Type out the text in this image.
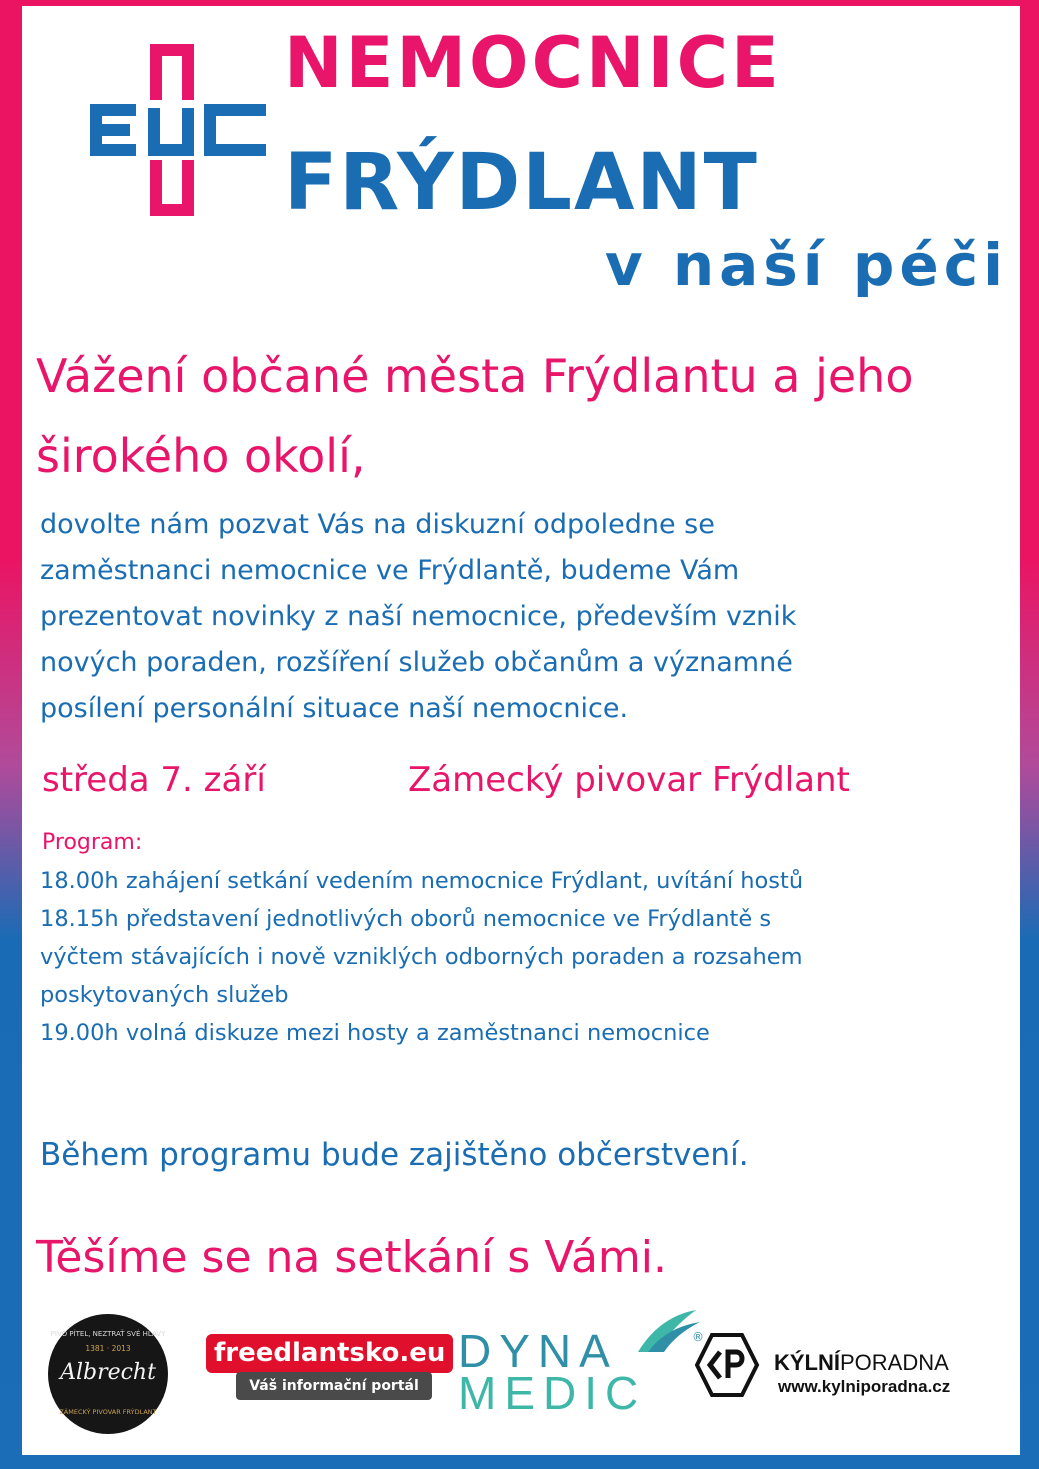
NEMOCNICE
FRÝDLANT
v naší péči
Vážení občané města Frýdlantu a jeho širokého okolí,
dovolte nám pozvat Vás na diskuzní odpoledne se
zaměstnanci nemocnice ve Frýdlantě, budeme Vám
prezentovat novinky z naší nemocnice, především vznik
nových poraden, rozšíření služeb občanům a významné
posílení personální situace naší nemocnice.
středa 7. září	Zámecký pivovar Frýdlant
Program:
18.00h zahájení setkání vedením nemocnice Frýdlant, uvítání hostů
18.15h představení jednotlivých oborů nemocnice ve Frýdlantě s
výčtem stávajících i nově vzniklých odborných poraden a rozsahem
poskytovaných služeb
19.00h volná diskuze mezi hosty a zaměstnanci nemocnice
Během programu bude zajištěno občerstvení.
Těšíme se na setkání s Vámi.
PIVO PÍTEL, NEZTRAŤ SVÉ HLAVY
1381 · 2013
Albrecht
ZÁMECKÝ PIVOVAR FRÝDLANT
freedlantsko.eu
Váš informační portál
DYNA
MEDIC
®
KÝLNÍPORADNA
www.kylniporadna.cz
